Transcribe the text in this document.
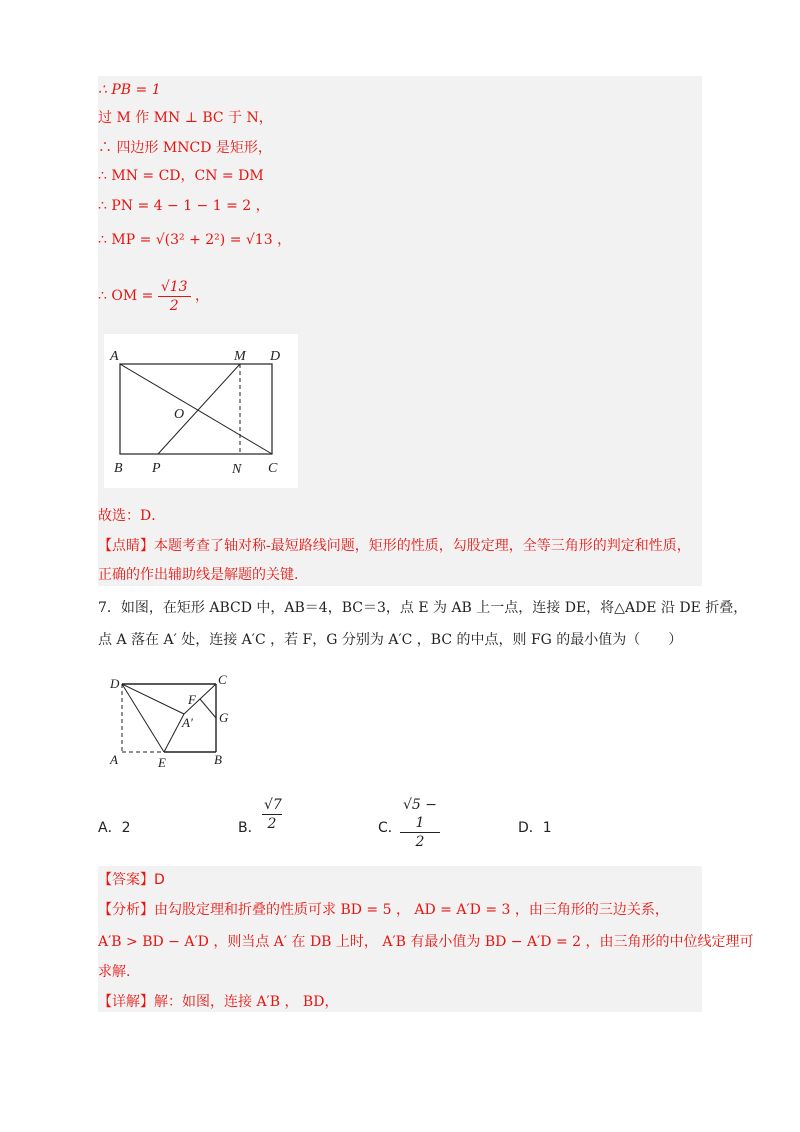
∴ PB = 1
过 M 作 MN ⊥ BC 于 N，
∴ 四边形 MNCD 是矩形，
∴ MN = CD，CN = DM
∴ PN = 4 − 1 − 1 = 2 ，
∴ MP = √(3² + 2²) = √13 ，
∴ OM = $\frac{√13}{2}$ ，
A	M D
O
B P	N C
故选：D．
【点睛】本题考查了轴对称-最短路线问题，矩形的性质，勾股定理，全等三角形的判定和性质，
正确的作出辅助线是解题的关键.
7．如图，在矩形 ABCD 中，AB＝4，BC＝3，点 E 为 AB 上一点，连接 DE，将△ADE 沿 DE 折叠，
点 A 落在 A′ 处，连接 A′C ，若 F，G 分别为 A′C ，BC 的中点，则 FG 的最小值为（　　）
D	C
F
A′ G
A	E	B
A．2	B． $\frac{√7}{2}$	C．
$\frac{√5 - 1}{2}$	D．1
【答案】D
【分析】由勾股定理和折叠的性质可求 BD = 5 ， AD = A′D = 3 ，由三角形的三边关系，
A′B > BD − A′D ，则当点 A′ 在 DB 上时， A′B 有最小值为 BD − A′D = 2 ，由三角形的中位线定理可
求解.
【详解】解：如图，连接 A′B ， BD，
